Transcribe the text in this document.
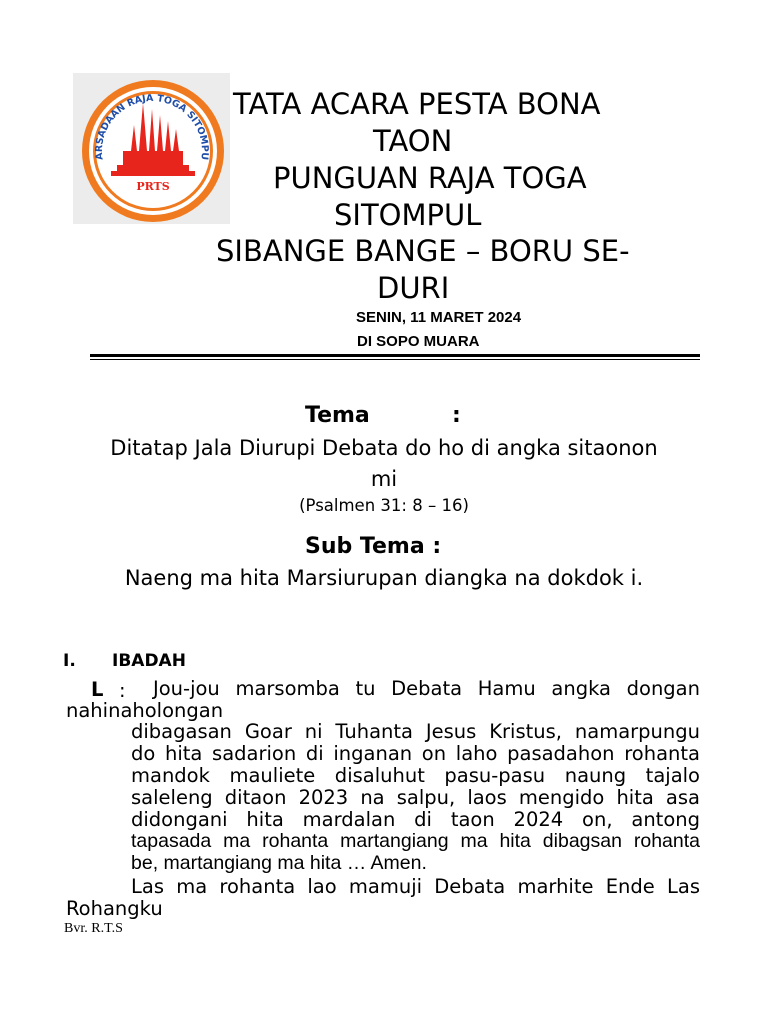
ARSADAAN RAJA TOGA SITOMPU
PRTS
TATA ACARA PESTA BONA
TAON
PUNGUAN RAJA TOGA
SITOMPUL
SIBANGE BANGE – BORU SE-
DURI
SENIN, 11 MARET 2024
DI SOPO MUARA
Tema	:
Ditatap Jala Diurupi Debata do ho di angka sitaonon
mi
(Psalmen 31: 8 – 16)
Sub Tema :
Naeng ma hita Marsiurupan diangka na dokdok i.
I. IBADAH
L : Jou-jou marsomba tu Debata Hamu angka dongan
nahinaholongan
dibagasan Goar ni Tuhanta Jesus Kristus, namarpungu
do hita sadarion di inganan on laho pasadahon rohanta
mandok mauliete disaluhut pasu-pasu naung tajalo
saleleng ditaon 2023 na salpu, laos mengido hita asa
didongani hita mardalan di taon 2024 on, antong
tapasada ma rohanta martangiang ma hita dibagsan rohanta
be, martangiang ma hita … Amen.
Las ma rohanta lao mamuji Debata marhite Ende Las
Rohangku
Bvr. R.T.S
